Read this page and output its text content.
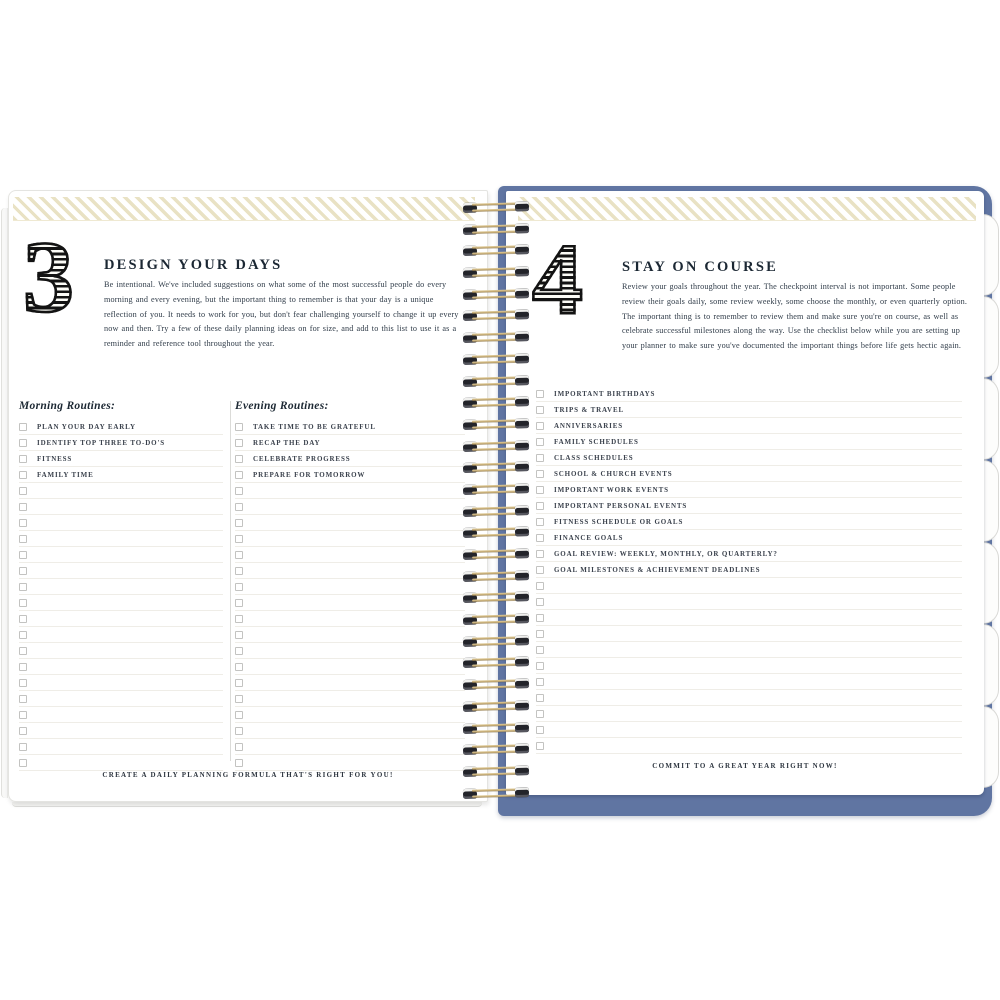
3 DESIGN YOUR DAYS
Be intentional. We've included suggestions on what some of the most successful people do every morning and every evening, but the important thing to remember is that your day is a unique reflection of you. It needs to work for you, but don't fear challenging yourself to change it up every now and then. Try a few of these daily planning ideas on for size, and add to this list to use it as a reminder and reference tool throughout the year.
Morning Routines:
PLAN YOUR DAY EARLY
IDENTIFY TOP THREE TO-DO'S
FITNESS
FAMILY TIME
Evening Routines:
TAKE TIME TO BE GRATEFUL
RECAP THE DAY
CELEBRATE PROGRESS
PREPARE FOR TOMORROW
CREATE A DAILY PLANNING FORMULA THAT'S RIGHT FOR YOU!
4	STAY ON COURSE
Review your goals throughout the year. The checkpoint interval is not important. Some people review their goals daily, some review weekly, some choose the monthly, or even quarterly option. The important thing is to remember to review them and make sure you're on course, as well as celebrate successful milestones along the way. Use the checklist below while you are setting up your planner to make sure you've documented the important things before life gets hectic again.
IMPORTANT BIRTHDAYS
TRIPS & TRAVEL
ANNIVERSARIES
FAMILY SCHEDULES
CLASS SCHEDULES
SCHOOL & CHURCH EVENTS
IMPORTANT WORK EVENTS
IMPORTANT PERSONAL EVENTS
FITNESS SCHEDULE OR GOALS
FINANCE GOALS
GOAL REVIEW: WEEKLY, MONTHLY, OR QUARTERLY?
GOAL MILESTONES & ACHIEVEMENT DEADLINES
COMMIT TO A GREAT YEAR RIGHT NOW!
